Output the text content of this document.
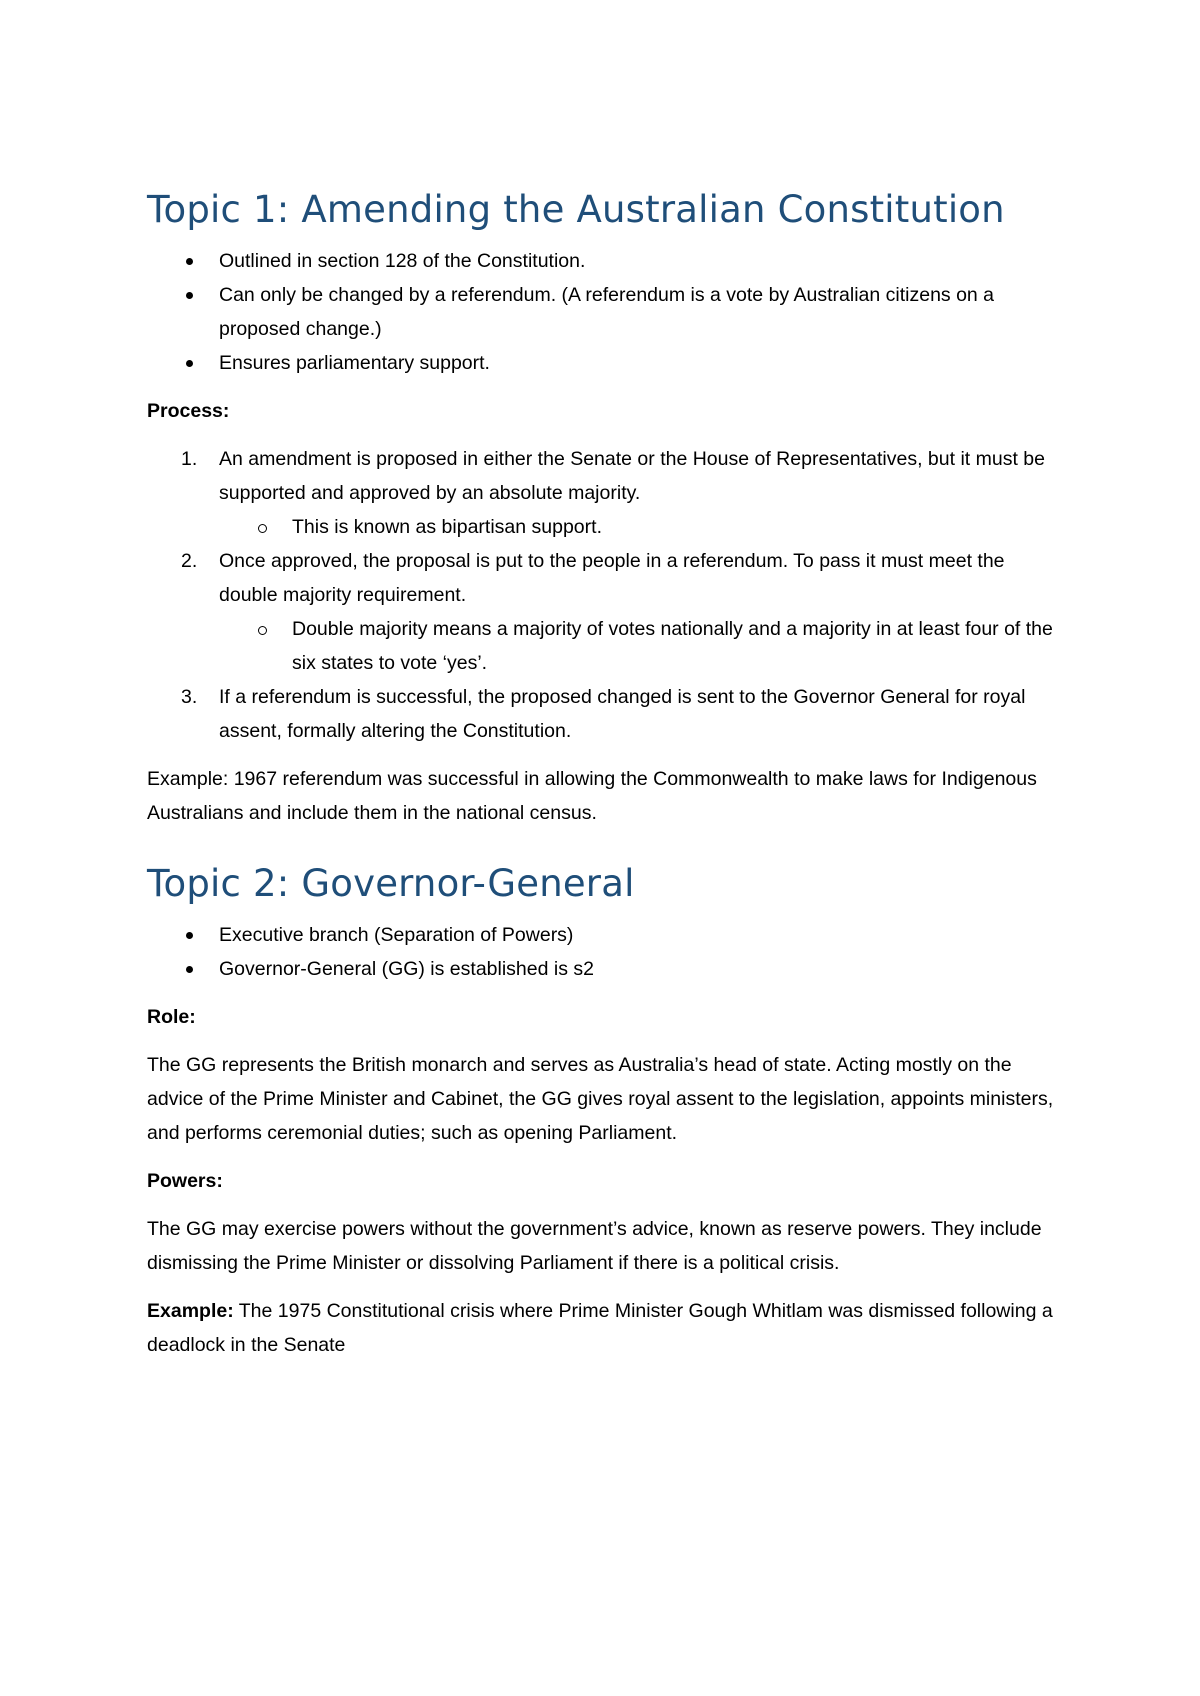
Topic 1: Amending the Australian Constitution
Outlined in section 128 of the Constitution.
Can only be changed by a referendum. (A referendum is a vote by Australian citizens on a proposed change.)
Ensures parliamentary support.

Process:

1. An amendment is proposed in either the Senate or the House of Representatives, but it must be supported and approved by an absolute majority.
This is known as bipartisan support.
2. Once approved, the proposal is put to the people in a referendum. To pass it must meet the double majority requirement.
Double majority means a majority of votes nationally and a majority in at least four of the six states to vote ‘yes’.
3. If a referendum is successful, the proposed changed is sent to the Governor General for royal assent, formally altering the Constitution.

Example: 1967 referendum was successful in allowing the Commonwealth to make laws for Indigenous Australians and include them in the national census.

Topic 2: Governor-General
Executive branch (Separation of Powers)
Governor-General (GG) is established is s2

Role:

The GG represents the British monarch and serves as Australia’s head of state. Acting mostly on the advice of the Prime Minister and Cabinet, the GG gives royal assent to the legislation, appoints ministers, and performs ceremonial duties; such as opening Parliament.

Powers:

The GG may exercise powers without the government’s advice, known as reserve powers. They include dismissing the Prime Minister or dissolving Parliament if there is a political crisis.

Example: The 1975 Constitutional crisis where Prime Minister Gough Whitlam was dismissed following a deadlock in the Senate
